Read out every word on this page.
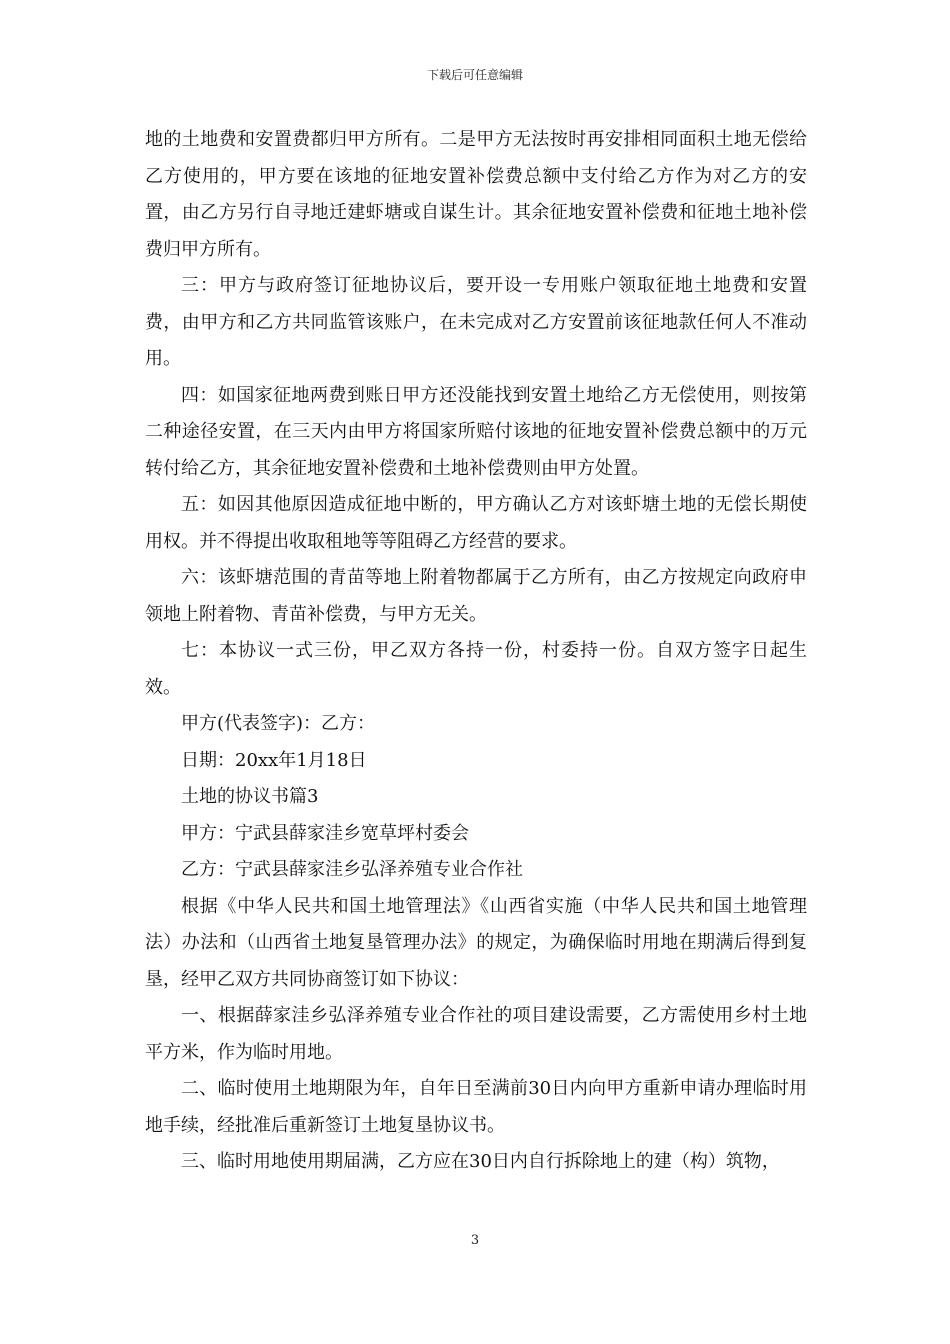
下载后可任意编辑

地的土地费和安置费都归甲方所有。二是甲方无法按时再安排相同面积土地无偿给乙方使用的，甲方要在该地的征地安置补偿费总额中支付给乙方作为对乙方的安置，由乙方另行自寻地迁建虾塘或自谋生计。其余征地安置补偿费和征地土地补偿费归甲方所有。

三：甲方与政府签订征地协议后，要开设一专用账户领取征地土地费和安置费，由甲方和乙方共同监管该账户，在未完成对乙方安置前该征地款任何人不准动用。

四：如国家征地两费到账日甲方还没能找到安置土地给乙方无偿使用，则按第二种途径安置，在三天内由甲方将国家所赔付该地的征地安置补偿费总额中的万元转付给乙方，其余征地安置补偿费和土地补偿费则由甲方处置。

五：如因其他原因造成征地中断的，甲方确认乙方对该虾塘土地的无偿长期使用权。并不得提出收取租地等等阻碍乙方经营的要求。

六：该虾塘范围的青苗等地上附着物都属于乙方所有，由乙方按规定向政府申领地上附着物、青苗补偿费，与甲方无关。

七：本协议一式三份，甲乙双方各持一份，村委持一份。自双方签字日起生效。

甲方(代表签字)：乙方：

日期：20xx年1月18日

土地的协议书篇3

甲方：宁武县薛家洼乡宽草坪村委会

乙方：宁武县薛家洼乡弘泽养殖专业合作社

根据《中华人民共和国土地管理法》《山西省实施（中华人民共和国土地管理法）办法和（山西省土地复垦管理办法》的规定，为确保临时用地在期满后得到复垦，经甲乙双方共同协商签订如下协议：

一、根据薛家洼乡弘泽养殖专业合作社的项目建设需要，乙方需使用乡村土地平方米，作为临时用地。

二、临时使用土地期限为年，自年日至满前30日内向甲方重新申请办理临时用地手续，经批准后重新签订土地复垦协议书。

三、临时用地使用期届满，乙方应在30日内自行拆除地上的建（构）筑物，

3
